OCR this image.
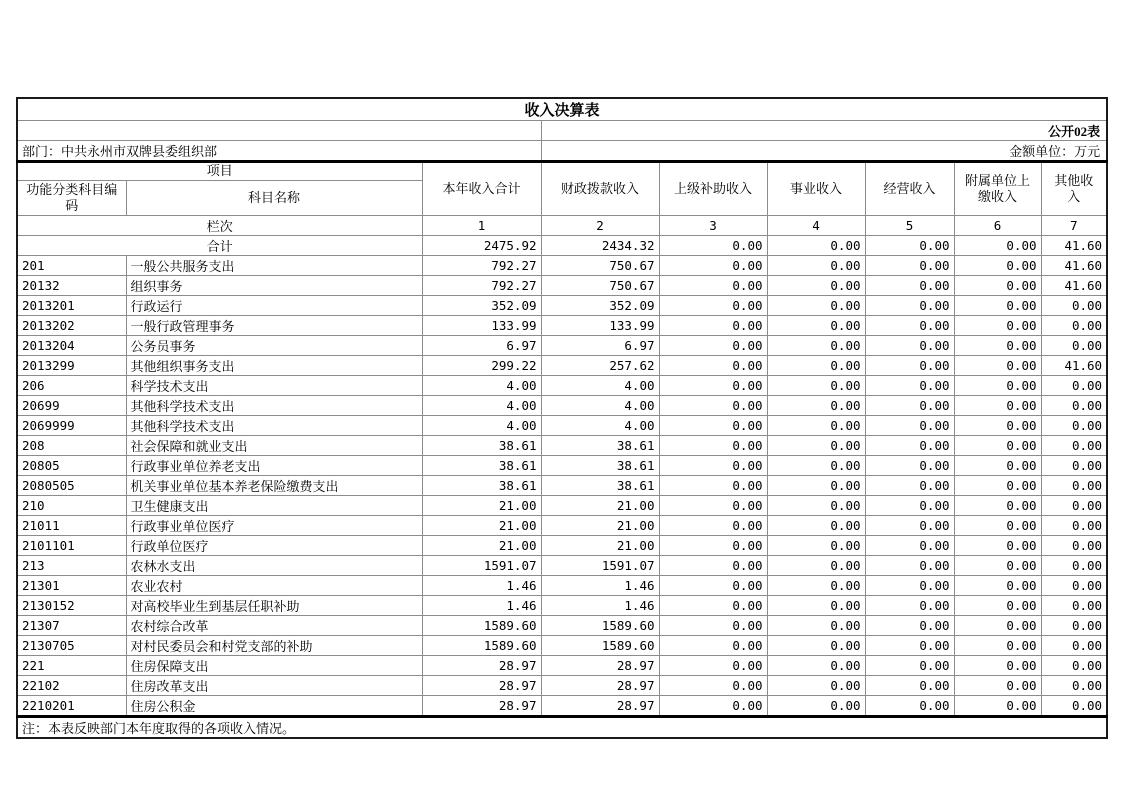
收入决算表								
			公开02表					
部门：中共永州市双牌县委组织部			金额单位：万元					
项目		本年收入合计	财政拨款收入	上级补助收入	事业收入	经营收入	附属单位上缴收入	其他收入
功能分类科目编码	科目名称							
栏次		1	2	3	4	5	6	7
合计		2475.92	2434.32	0.00	0.00	0.00	0.00	41.60
201	一般公共服务支出	792.27	750.67	0.00	0.00	0.00	0.00	41.60
20132	组织事务	792.27	750.67	0.00	0.00	0.00	0.00	41.60
2013201	行政运行	352.09	352.09	0.00	0.00	0.00	0.00	0.00
2013202	一般行政管理事务	133.99	133.99	0.00	0.00	0.00	0.00	0.00
2013204	公务员事务	6.97	6.97	0.00	0.00	0.00	0.00	0.00
2013299	其他组织事务支出	299.22	257.62	0.00	0.00	0.00	0.00	41.60
206	科学技术支出	4.00	4.00	0.00	0.00	0.00	0.00	0.00
20699	其他科学技术支出	4.00	4.00	0.00	0.00	0.00	0.00	0.00
2069999	其他科学技术支出	4.00	4.00	0.00	0.00	0.00	0.00	0.00
208	社会保障和就业支出	38.61	38.61	0.00	0.00	0.00	0.00	0.00
20805	行政事业单位养老支出	38.61	38.61	0.00	0.00	0.00	0.00	0.00
2080505	机关事业单位基本养老保险缴费支出	38.61	38.61	0.00	0.00	0.00	0.00	0.00
210	卫生健康支出	21.00	21.00	0.00	0.00	0.00	0.00	0.00
21011	行政事业单位医疗	21.00	21.00	0.00	0.00	0.00	0.00	0.00
2101101	行政单位医疗	21.00	21.00	0.00	0.00	0.00	0.00	0.00
213	农林水支出	1591.07	1591.07	0.00	0.00	0.00	0.00	0.00
21301	农业农村	1.46	1.46	0.00	0.00	0.00	0.00	0.00
2130152	对高校毕业生到基层任职补助	1.46	1.46	0.00	0.00	0.00	0.00	0.00
21307	农村综合改革	1589.60	1589.60	0.00	0.00	0.00	0.00	0.00
2130705	对村民委员会和村党支部的补助	1589.60	1589.60	0.00	0.00	0.00	0.00	0.00
221	住房保障支出	28.97	28.97	0.00	0.00	0.00	0.00	0.00
22102	住房改革支出	28.97	28.97	0.00	0.00	0.00	0.00	0.00
2210201	住房公积金	28.97	28.97	0.00	0.00	0.00	0.00	0.00
注：本表反映部门本年度取得的各项收入情况。								
